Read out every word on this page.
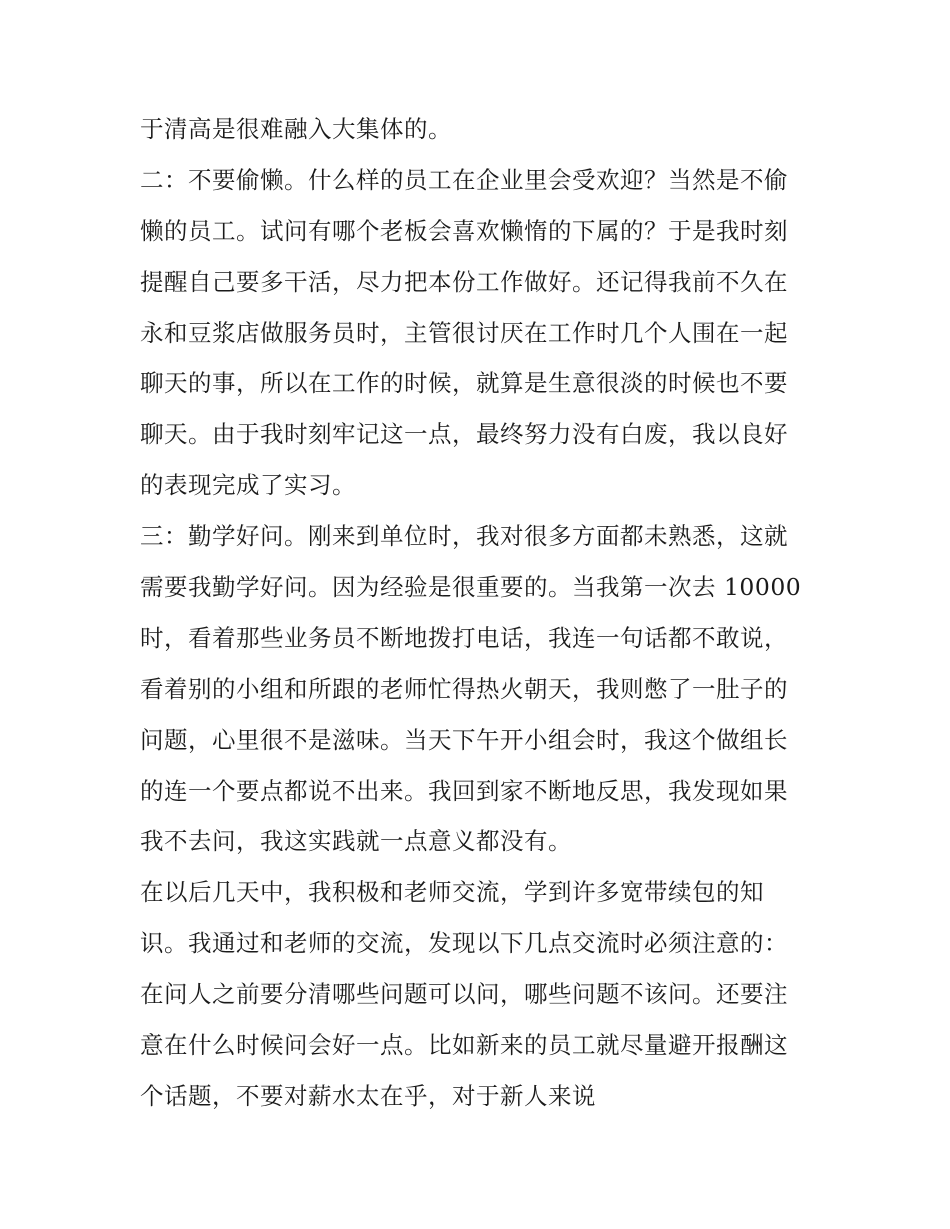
于清高是很难融入大集体的。
二：不要偷懒。什么样的员工在企业里会受欢迎？当然是不偷
懒的员工。试问有哪个老板会喜欢懒惰的下属的？于是我时刻
提醒自己要多干活，尽力把本份工作做好。还记得我前不久在
永和豆浆店做服务员时，主管很讨厌在工作时几个人围在一起
聊天的事，所以在工作的时候，就算是生意很淡的时候也不要
聊天。由于我时刻牢记这一点，最终努力没有白废，我以良好
的表现完成了实习。
三：勤学好问。刚来到单位时，我对很多方面都未熟悉，这就
需要我勤学好问。因为经验是很重要的。当我第一次去 10000
时，看着那些业务员不断地拨打电话，我连一句话都不敢说，
看着别的小组和所跟的老师忙得热火朝天，我则憋了一肚子的
问题，心里很不是滋味。当天下午开小组会时，我这个做组长
的连一个要点都说不出来。我回到家不断地反思，我发现如果
我不去问，我这实践就一点意义都没有。
在以后几天中，我积极和老师交流，学到许多宽带续包的知
识。我通过和老师的交流，发现以下几点交流时必须注意的：
在问人之前要分清哪些问题可以问，哪些问题不该问。还要注
意在什么时候问会好一点。比如新来的员工就尽量避开报酬这
个话题，不要对薪水太在乎，对于新人来说
